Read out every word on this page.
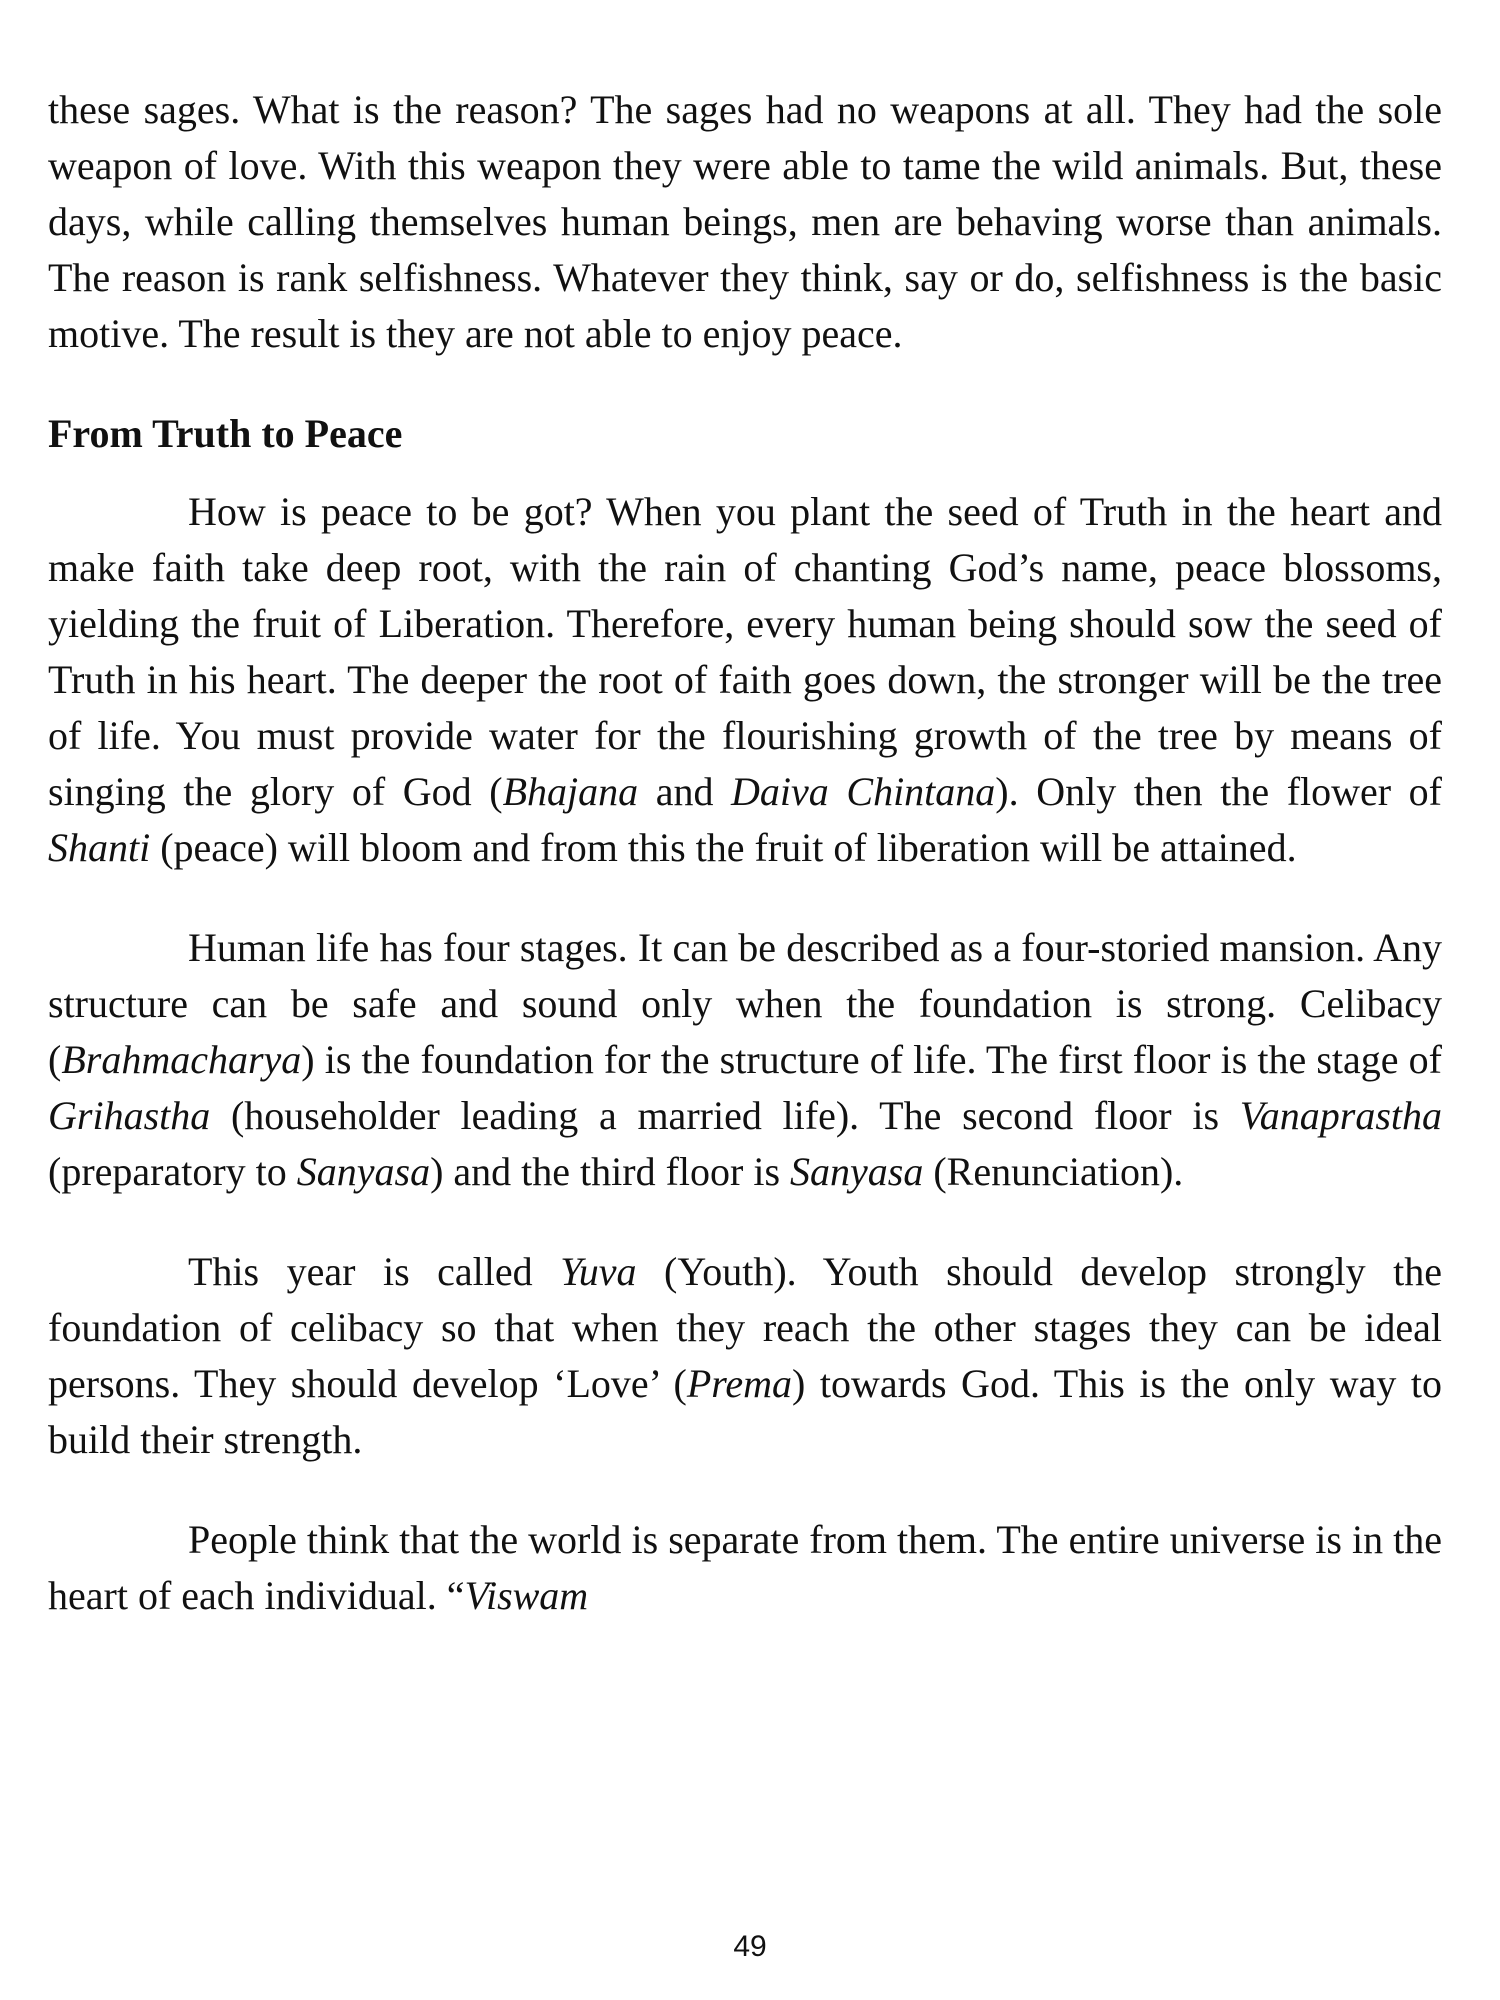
these sages. What is the reason? The sages had no weapons at all. They had the sole weapon of love. With this weapon they were able to tame the wild animals. But, these days, while calling themselves human beings, men are behaving worse than animals. The reason is rank selfishness. Whatever they think, say or do, selfishness is the basic motive. The result is they are not able to enjoy peace.

From Truth to Peace

How is peace to be got? When you plant the seed of Truth in the heart and make faith take deep root, with the rain of chanting God’s name, peace blossoms, yielding the fruit of Liberation. Therefore, every human being should sow the seed of Truth in his heart. The deeper the root of faith goes down, the stronger will be the tree of life. You must provide water for the flourishing growth of the tree by means of singing the glory of God (Bhajana and Daiva Chintana). Only then the flower of Shanti (peace) will bloom and from this the fruit of liberation will be attained.

Human life has four stages. It can be described as a four-storied mansion. Any structure can be safe and sound only when the foundation is strong. Celibacy (Brahmacharya) is the foundation for the structure of life. The first floor is the stage of Grihastha (householder leading a married life). The second floor is Vanaprastha (preparatory to Sanyasa) and the third floor is Sanyasa (Renunciation).

This year is called Yuva (Youth). Youth should develop strongly the foundation of celibacy so that when they reach the other stages they can be ideal persons. They should develop ‘Love’ (Prema) towards God. This is the only way to build their strength.

People think that the world is separate from them. The entire universe is in the heart of each individual. “Viswam

49
